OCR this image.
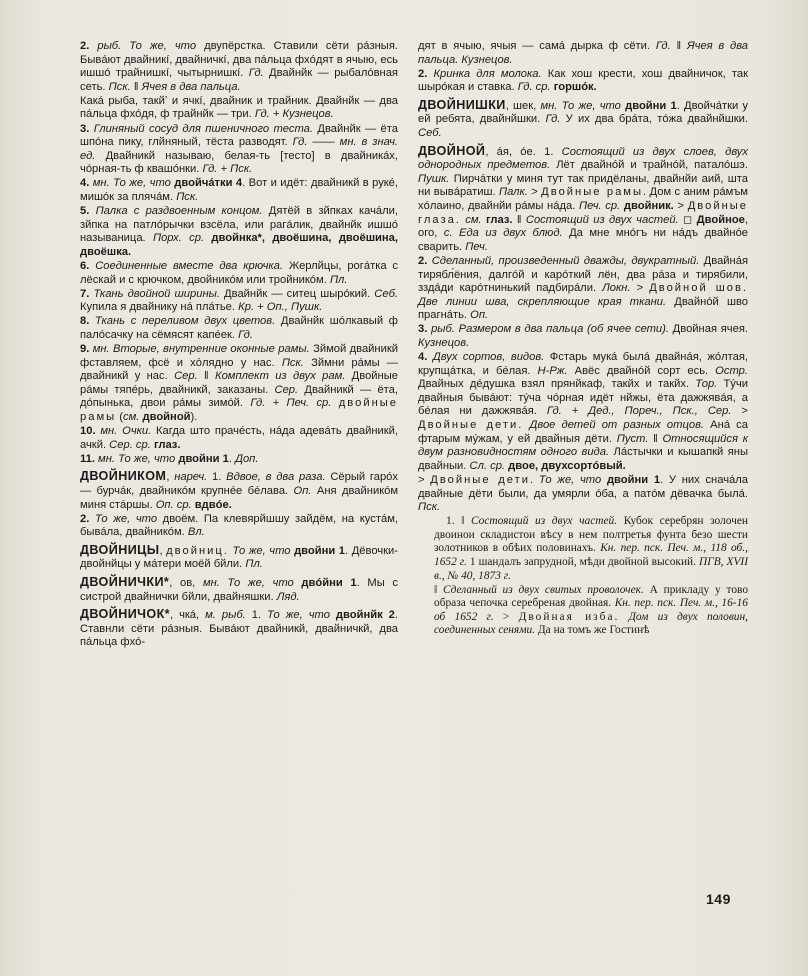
2. рыб. То же, что двупёрстка. Ставили сёти рáзныя. Бывáют двайникí, двайничкí, два пáльца фхóдят в ячыю, есь ишшó трайнишкí, чытырнишкí. Гд. Двайнйк — рыбалóвная сеть. Пск. ‖ Ячея в два пальца.

Какá рыба, такйʼ и ячкí, двайник и трайник. Двайнйк — два пáльца фхóдя, ф трайнйк — три. Гд. + Кузнецов.

3. Глиняный сосуд для пшеничного теста. Двайнйк — ёта шпóна пику, глйняный, тёста разводят. Гд. —— мн. в знач. ед. Двайникй называю, белая-ть [тесто] в двайникáх, чóрная-ть ф квашóнки. Гд. + Пск.

4. мн. То же, что двойчáтки 4. Вот и идёт: двайникй в рукé, мишóк за плячáм. Пск.

5. Палка с раздвоенным концом. Дятёй в зйпках качáли, зйпка на патлóрычки взсёла, или рагáлик, двайнйк ишшó называница. Порх. ср. двойнка*, двоёшина, двоёшина, двоёшка.

6. Соединенные вместе два крючка. Жерлйцы, рогáтка с лёскай и с крючком, двойникóм или тройникóм. Пл.

7. Ткань двойной ширины. Двайнйк — ситец шырóкий. Себ. Купила я двайнику нá плáтье. Кр. + Оп., Пушк.

8. Ткань с переливом двух цветов. Двайнйк шóлкавый ф палóсачку на сёмясят капéек. Гд.

9. мн. Вторые, внутренние оконные рамы. Зймой двайникй фставляем, фсё и хóлядно у нас. Пск. Зймни рáмы — двайникй у нас. Сер. ‖ Комплект из двух рам. Двойные рáмы тяпéрь, двайникй, заказаны. Сер. Двайникй — ёта, дóпынька, двои рáмы зимóй. Гд. + Печ. ср. двойные рамы (см. двойной).

10. мн. Очки. Кагда што прачéсть, нáда адевáть двайникй, ачкй. Сер. ср. глаз.

11. мн. То же, что двойни 1. Доп.

ДВОЙНИКОМ, нареч. 1. Вдвое, в два раза. Сёрый гарóх — бурчáк, двайникóм крупнéе бéлава. Оп. Аня двайникóм миня стáршы. Оп. ср. вдвóе.

2. То же, что двоём. Па клевярйшшу зайдём, на кустáм, бывáла, двайникóм. Вл.

ДВОЙНИЦЫ, двойниц. То же, что двойни 1. Дёвочки-двойнйцы у мáтери моёй бйли. Пл.

ДВОЙНИЧКИ*, ов, мн. То же, что двóйни 1. Мы с систрой двайнички бйли, двайняшки. Ляд.

ДВОЙНИЧОК*, чкá, м. рыб. 1. То же, что двойнйк 2. Ставнли сёти рáзныя. Бывáют двайникй, двайничкй, два пáльца фхó-

дят в ячыю, ячыя — самá дырка ф сёти. Гд. ‖ Ячея в два пальца. Кузнецов.

2. Кринка для молока. Как хош крести, хош двайничок, так шырóкая и ставка. Гд. ср. горшóк.

ДВОЙНИШКИ, шек, мн. То же, что двойни 1. Двойчáтки у ей ребята, двайнйшки. Гд. У их два брáта, тóжа двайнйшки. Себ.

ДВОЙНОЙ, áя, óе. 1. Состоящий из двух слоев, двух однородных предметов. Лёт двайнóй и трайнóй, паталóшэ. Пушк. Пирчáтки у миня тут так придёланы, двайнйи аий, шта ни вывáратиш. Палк. > Двойные рамы. Дом с аним рáмъм хóлаино, двайнйи рáмы нáда. Печ. ср. двойник. > Двойные глаза. см. глаз. ‖ Состоящий из двух частей. ◻ Двойное, ого, с. Еда из двух блюд. Да мне мнóгъ ни нáдъ двайнóе сварить. Печ.

2. Сделанный, произведенный дважды, двукратный. Двайнáя тирябл́ёния, далгóй и карóткий лён, два рáза и тирябили, зздáди карóтнинький падбирáли. Локн. > Двойной шов. Две линии шва, скрепляющие края ткани. Двайнóй шво прагнáть. Оп.

3. рыб. Размером в два пальца (об ячее сети). Двойная ячея. Кузнецов.

4. Двух сортов, видов. Фстарь мукá былá двайнáя, жóлтая, крупщáтка, и бéлая. Н-Рж. Авёс двайнóй сорт есь. Остр. Двайных дéдушка взял прянйкаф, такйх и такйх. Тор. Тýчи двайныя бывáют: тýча чóрная идёт нйжы, ёта дажжявáя, а бéлая ни дажжявáя. Гд. + Дед., Пореч., Пск., Сер. > Двойные дети. Двое детей от разных отцов. Анá са фтарым мýжам, у ей двайныя дёти. Пуст. ‖ Относящийся к двум разновидностям одного вида. Лáстычки и кышапкй яны двайныи. Сл. ср. двое, двухсортóвый.

> Двойные дети. То же, что двойни 1. У них сначáла двайные дёти были, да умярли óба, а патóм дёвачка былá. Пск.

1. ‖ Состоящий из двух частей. Кубок серебрян золочен двоинои складистои вѣсу в нем полтретья фунта безо шести золотников в обѣих половинахъ. Кн. пер. пск. Печ. м., 118 об., 1652 г. 1 шандалъ запрудной, мѣди двойной высокий. ПГВ, XVII в., № 40, 1873 г.

‖ Сделанный из двух свитых проволочек. А прикладу у тово образа чепочка серебреная двойная. Кн. пер. пск. Печ. м., 16-16 об 1652 г. > Двойная изба. Дом из двух половин, соединенных сенями. Да на томъ же Гостинѣ

149
